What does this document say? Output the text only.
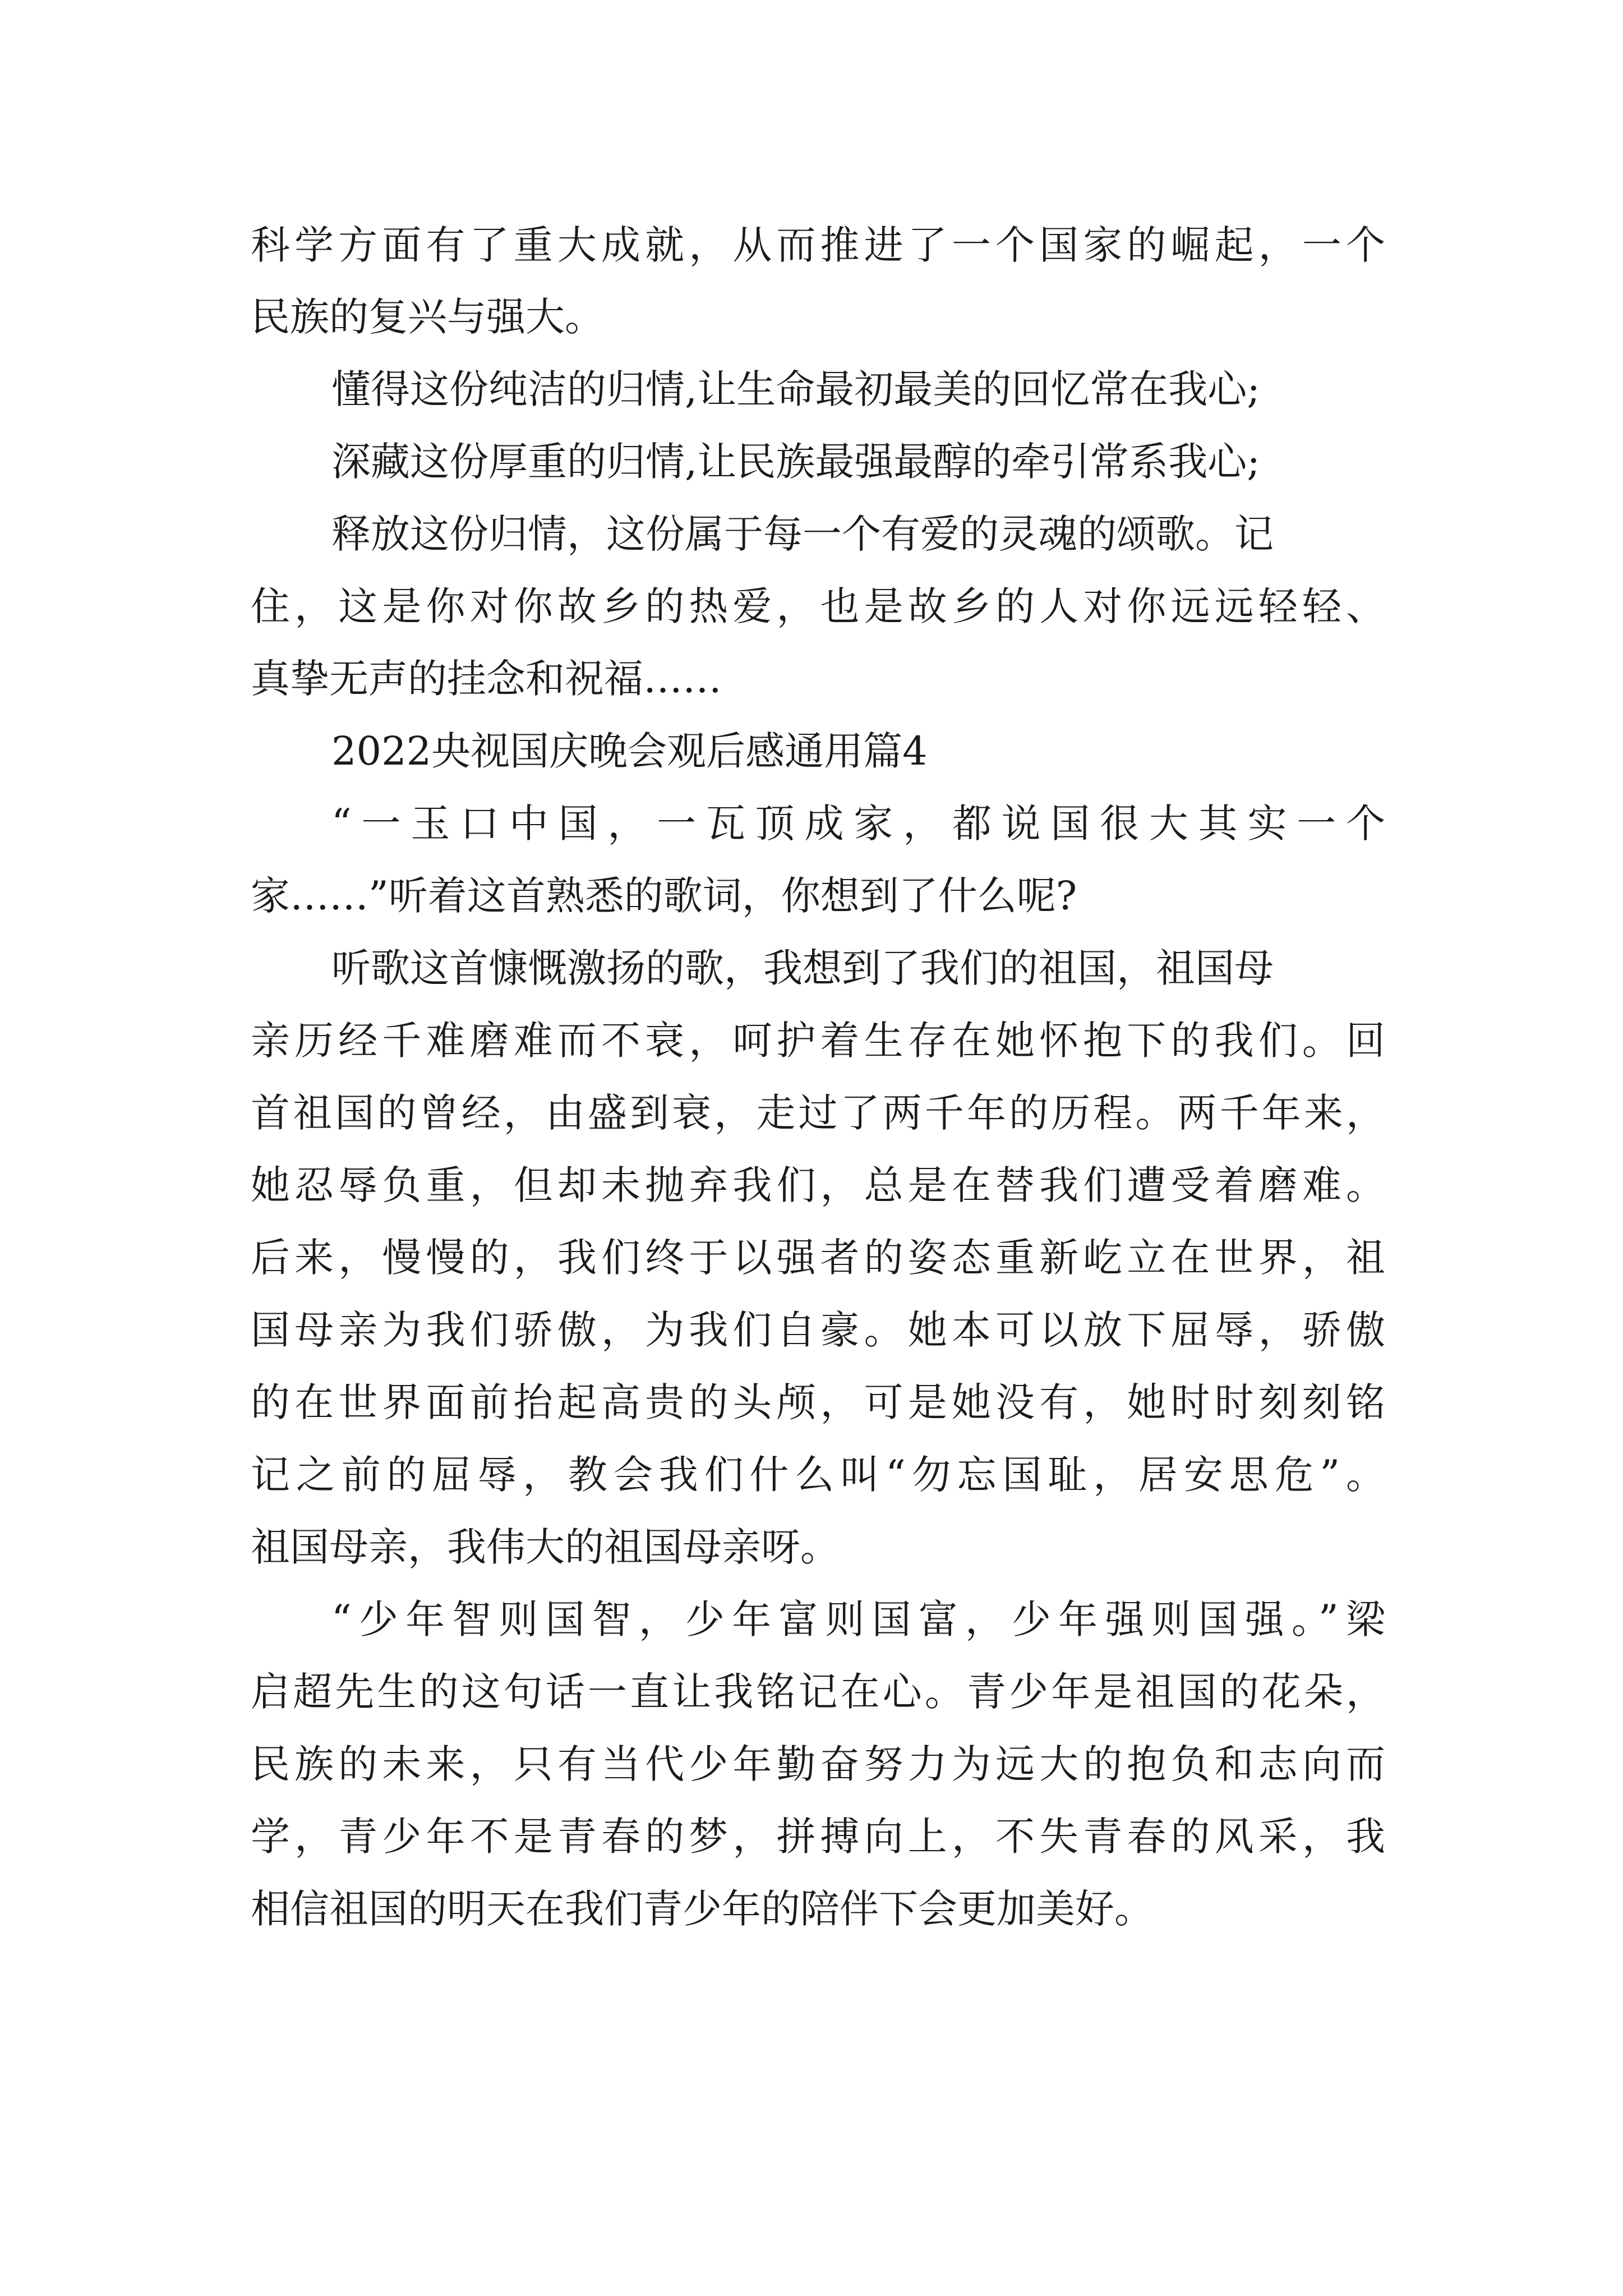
科学方面有了重大成就，从而推进了一个国家的崛起，一个

民族的复兴与强大。

懂得这份纯洁的归情,让生命最初最美的回忆常在我心;

深藏这份厚重的归情,让民族最强最醇的牵引常系我心;

释放这份归情，这份属于每一个有爱的灵魂的颂歌。记

住，这是你对你故乡的热爱，也是故乡的人对你远远轻轻、

真挚无声的挂念和祝福……

2022央视国庆晚会观后感通用篇4

“一玉口中国，一瓦顶成家，都说国很大其实一个

家……”听着这首熟悉的歌词，你想到了什么呢?

听歌这首慷慨激扬的歌，我想到了我们的祖国，祖国母

亲历经千难磨难而不衰，呵护着生存在她怀抱下的我们。回

首祖国的曾经，由盛到衰，走过了两千年的历程。两千年来，

她忍辱负重，但却未抛弃我们，总是在替我们遭受着磨难。

后来，慢慢的，我们终于以强者的姿态重新屹立在世界，祖

国母亲为我们骄傲，为我们自豪。她本可以放下屈辱，骄傲

的在世界面前抬起高贵的头颅，可是她没有，她时时刻刻铭

记之前的屈辱，教会我们什么叫“勿忘国耻，居安思危”。

祖国母亲，我伟大的祖国母亲呀。

“少年智则国智，少年富则国富，少年强则国强。”梁

启超先生的这句话一直让我铭记在心。青少年是祖国的花朵，

民族的未来，只有当代少年勤奋努力为远大的抱负和志向而

学，青少年不是青春的梦，拼搏向上，不失青春的风采，我

相信祖国的明天在我们青少年的陪伴下会更加美好。
